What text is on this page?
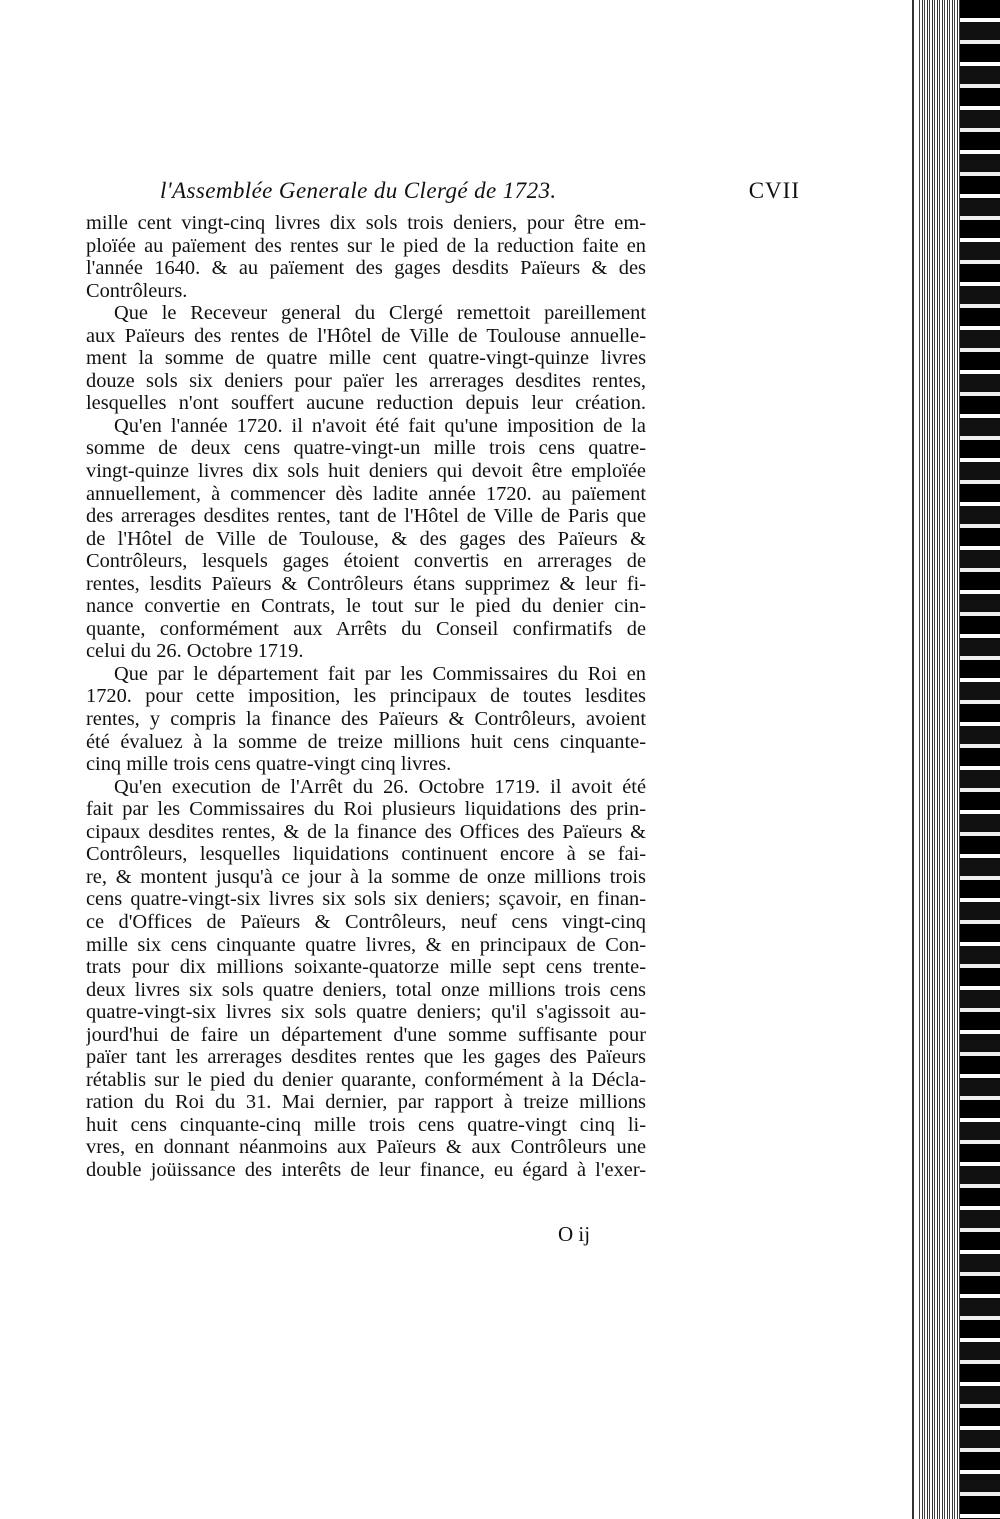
l'Assemblée Generale du Clergé de 1723.	CVII
mille cent vingt-cinq livres dix sols trois deniers, pour être em-
ploïée au païement des rentes sur le pied de la reduction faite en
l'année 1640. & au païement des gages desdits Païeurs & des
Contrôleurs.
Que le Receveur general du Clergé remettoit pareillement
aux Païeurs des rentes de l'Hôtel de Ville de Toulouse annuelle-
ment la somme de quatre mille cent quatre-vingt-quinze livres
douze sols six deniers pour païer les arrerages desdites rentes,
lesquelles n'ont souffert aucune reduction depuis leur création.
Qu'en l'année 1720. il n'avoit été fait qu'une imposition de la
somme de deux cens quatre-vingt-un mille trois cens quatre-
vingt-quinze livres dix sols huit deniers qui devoit être emploïée
annuellement, à commencer dès ladite année 1720. au païement
des arrerages desdites rentes, tant de l'Hôtel de Ville de Paris que
de l'Hôtel de Ville de Toulouse, & des gages des Païeurs &
Contrôleurs, lesquels gages étoient convertis en arrerages de
rentes, lesdits Païeurs & Contrôleurs étans supprimez & leur fi-
nance convertie en Contrats, le tout sur le pied du denier cin-
quante, conformément aux Arrêts du Conseil confirmatifs de
celui du 26. Octobre 1719.
Que par le département fait par les Commissaires du Roi en
1720. pour cette imposition, les principaux de toutes lesdites
rentes, y compris la finance des Païeurs & Contrôleurs, avoient
été évaluez à la somme de treize millions huit cens cinquante-
cinq mille trois cens quatre-vingt cinq livres.
Qu'en execution de l'Arrêt du 26. Octobre 1719. il avoit été
fait par les Commissaires du Roi plusieurs liquidations des prin-
cipaux desdites rentes, & de la finance des Offices des Païeurs &
Contrôleurs, lesquelles liquidations continuent encore à se fai-
re, & montent jusqu'à ce jour à la somme de onze millions trois
cens quatre-vingt-six livres six sols six deniers; sçavoir, en finan-
ce d'Offices de Païeurs & Contrôleurs, neuf cens vingt-cinq
mille six cens cinquante quatre livres, & en principaux de Con-
trats pour dix millions soixante-quatorze mille sept cens trente-
deux livres six sols quatre deniers, total onze millions trois cens
quatre-vingt-six livres six sols quatre deniers; qu'il s'agissoit au-
jourd'hui de faire un département d'une somme suffisante pour
païer tant les arrerages desdites rentes que les gages des Païeurs
rétablis sur le pied du denier quarante, conformément à la Décla-
ration du Roi du 31. Mai dernier, par rapport à treize millions
huit cens cinquante-cinq mille trois cens quatre-vingt cinq li-
vres, en donnant néanmoins aux Païeurs & aux Contrôleurs une
double joüissance des interêts de leur finance, eu égard à l'exer-
O ij
